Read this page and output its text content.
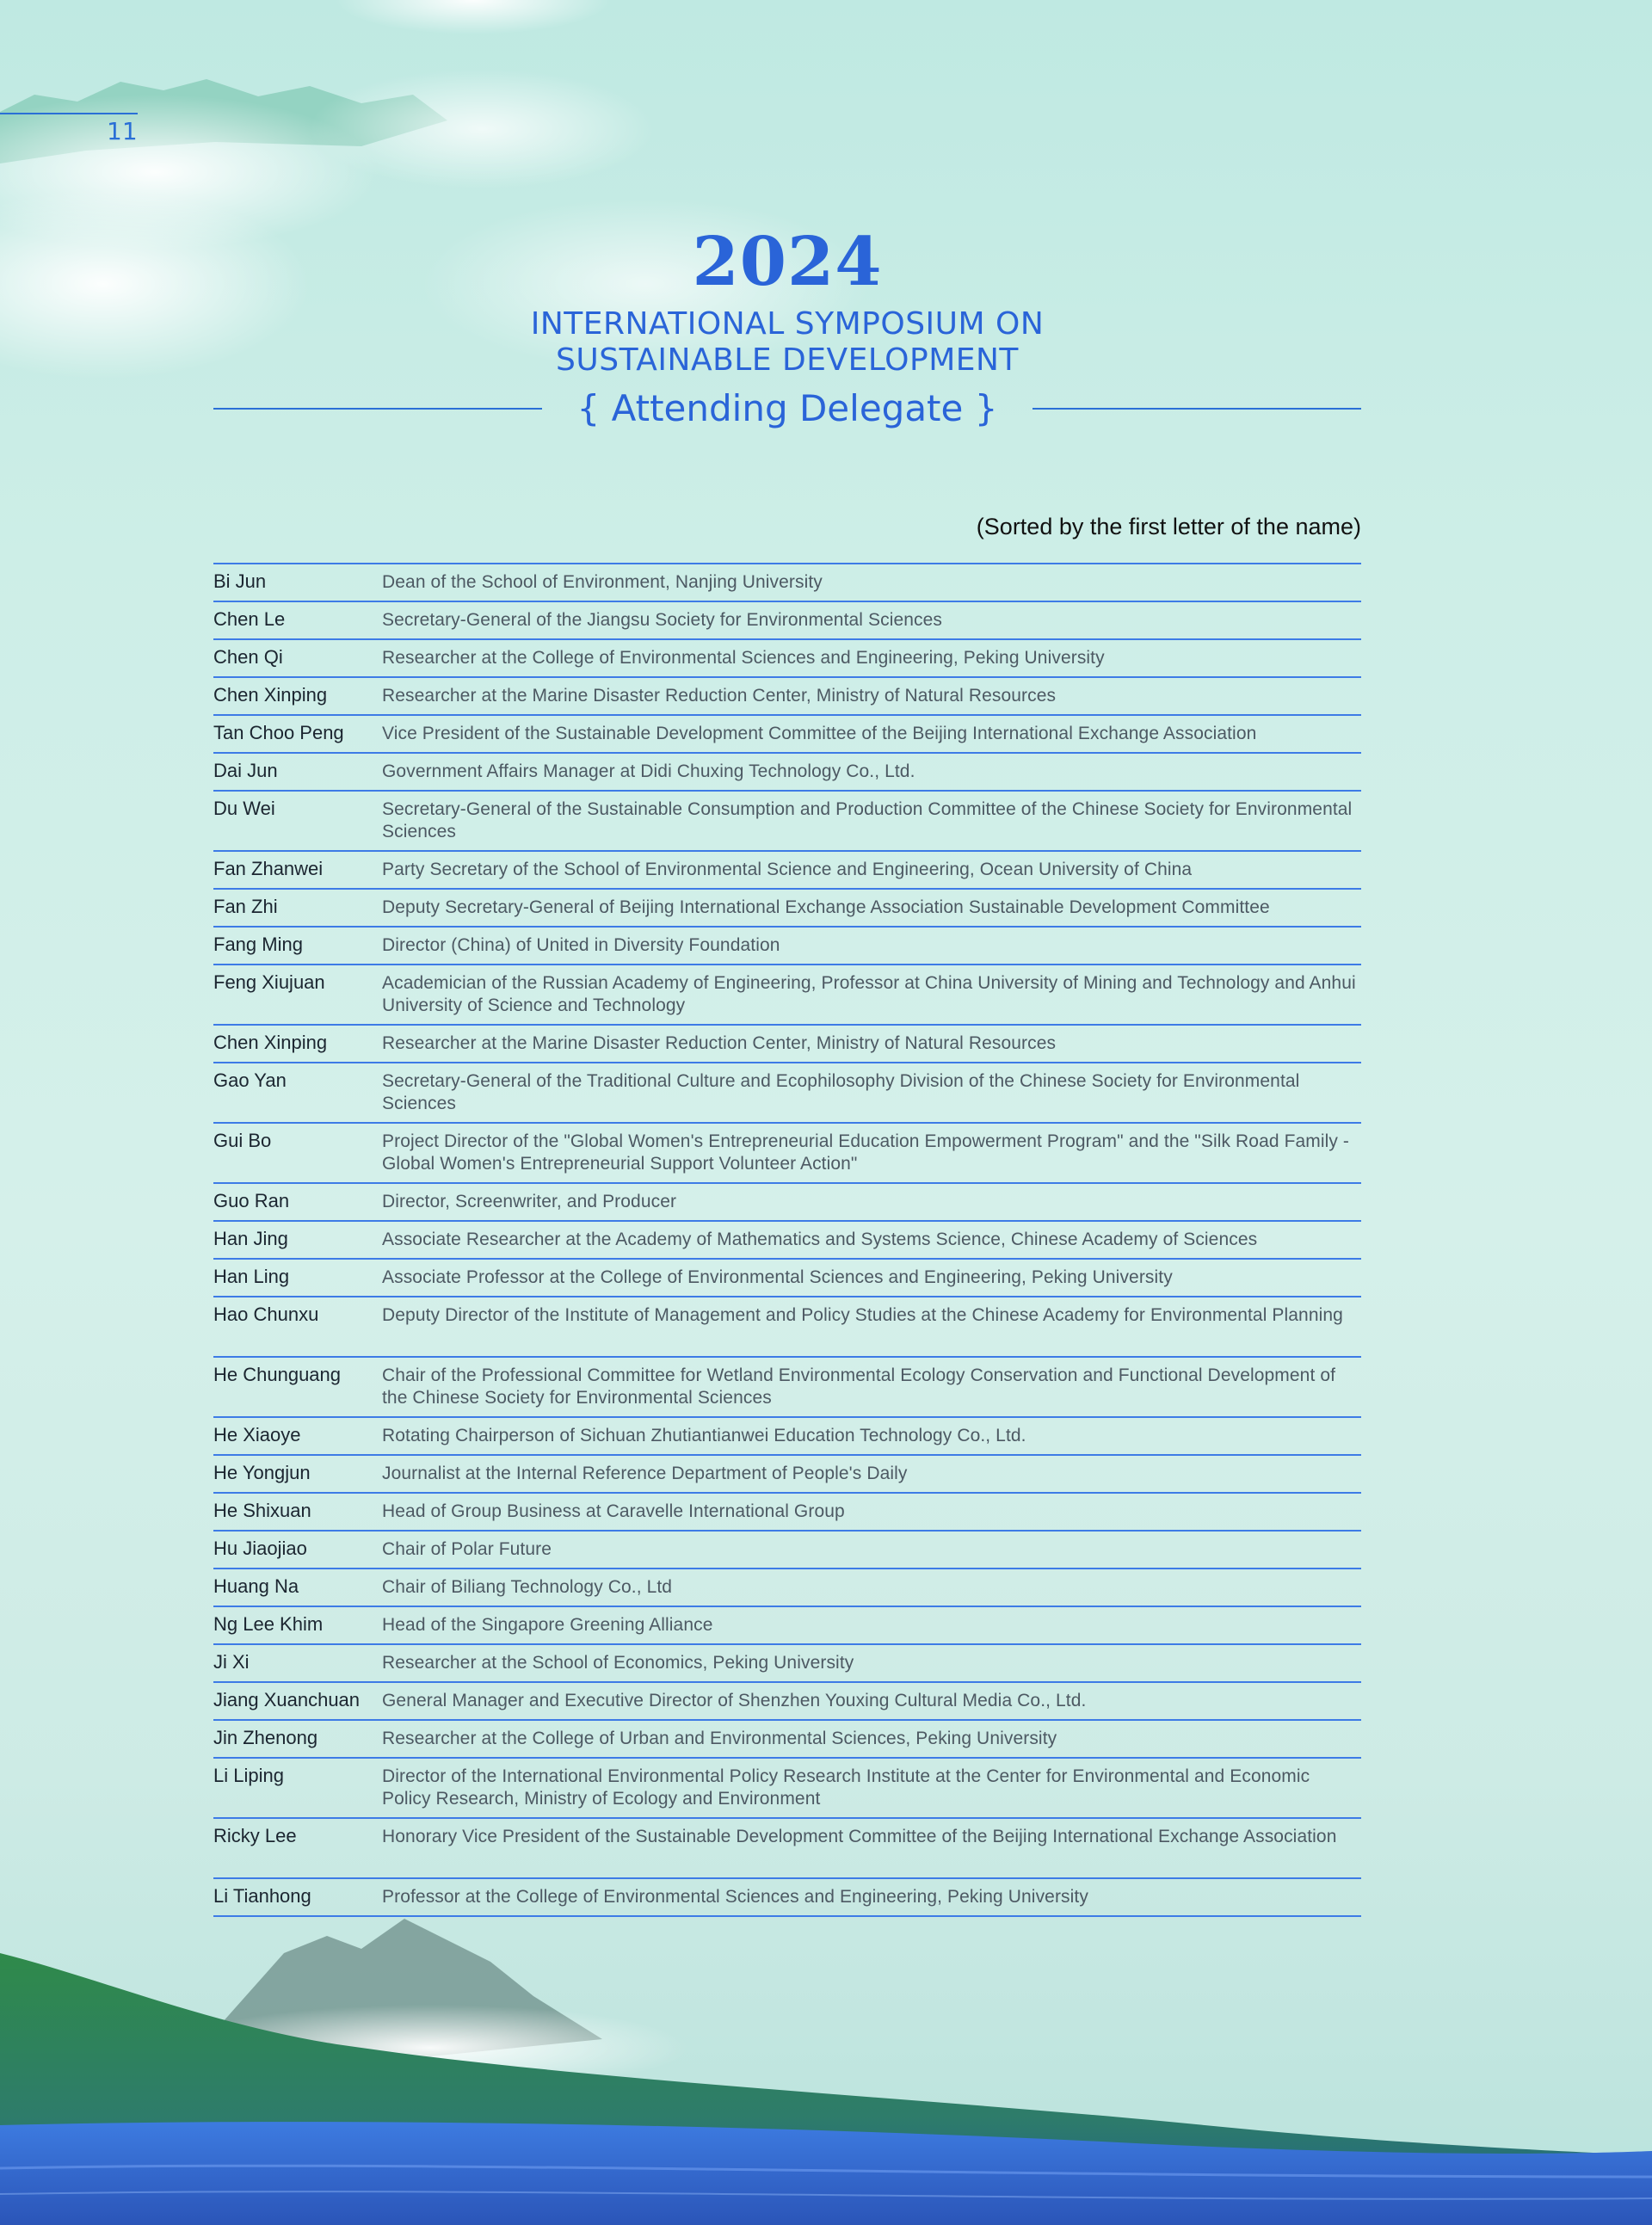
11
2024
INTERNATIONAL SYMPOSIUM ON
SUSTAINABLE DEVELOPMENT
{ Attending Delegate }
(Sorted by the first letter of the name)
Bi Jun	Dean of the School of Environment, Nanjing University
Chen Le	Secretary-General of the Jiangsu Society for Environmental Sciences
Chen Qi	Researcher at the College of Environmental Sciences and Engineering, Peking University
Chen Xinping	Researcher at the Marine Disaster Reduction Center, Ministry of Natural Resources
Tan Choo Peng	Vice President of the Sustainable Development Committee of the Beijing International Exchange Association
Dai Jun	Government Affairs Manager at Didi Chuxing Technology Co., Ltd.
Du Wei	Secretary-General of the Sustainable Consumption and Production Committee of the Chinese Society for Environmental Sciences
Fan Zhanwei	Party Secretary of the School of Environmental Science and Engineering, Ocean University of China
Fan Zhi	Deputy Secretary-General of Beijing International Exchange Association Sustainable Development Committee
Fang Ming	Director (China) of United in Diversity Foundation
Feng Xiujuan	Academician of the Russian Academy of Engineering, Professor at China University of Mining and Technology and Anhui University of Science and Technology
Chen Xinping	Researcher at the Marine Disaster Reduction Center, Ministry of Natural Resources
Gao Yan	Secretary-General of the Traditional Culture and Ecophilosophy Division of the Chinese Society for Environmental Sciences
Gui Bo	Project Director of the "Global Women's Entrepreneurial Education Empowerment Program" and the "Silk Road Family - Global Women's Entrepreneurial Support Volunteer Action"
Guo Ran	Director, Screenwriter, and Producer
Han Jing	Associate Researcher at the Academy of Mathematics and Systems Science, Chinese Academy of Sciences
Han Ling	Associate Professor at the College of Environmental Sciences and Engineering, Peking University
Hao Chunxu	Deputy Director of the Institute of Management and Policy Studies at the Chinese Academy for Environmental Planning
He Chunguang	Chair of the Professional Committee for Wetland Environmental Ecology Conservation and Functional Development of the Chinese Society for Environmental Sciences
He Xiaoye	Rotating Chairperson of Sichuan Zhutiantianwei Education Technology Co., Ltd.
He Yongjun	Journalist at the Internal Reference Department of People's Daily
He Shixuan	Head of Group Business at Caravelle International Group
Hu Jiaojiao	Chair of Polar Future
Huang Na	Chair of Biliang Technology Co., Ltd
Ng Lee Khim	Head of the Singapore Greening Alliance
Ji Xi	Researcher at the School of Economics, Peking University
Jiang Xuanchuan	General Manager and Executive Director of Shenzhen Youxing Cultural Media Co., Ltd.
Jin Zhenong	Researcher at the College of Urban and Environmental Sciences, Peking University
Li Liping	Director of the International Environmental Policy Research Institute at the Center for Environmental and Economic Policy Research, Ministry of Ecology and Environment
Ricky Lee	Honorary Vice President of the Sustainable Development Committee of the Beijing International Exchange Association
Li Tianhong	Professor at the College of Environmental Sciences and Engineering, Peking University
